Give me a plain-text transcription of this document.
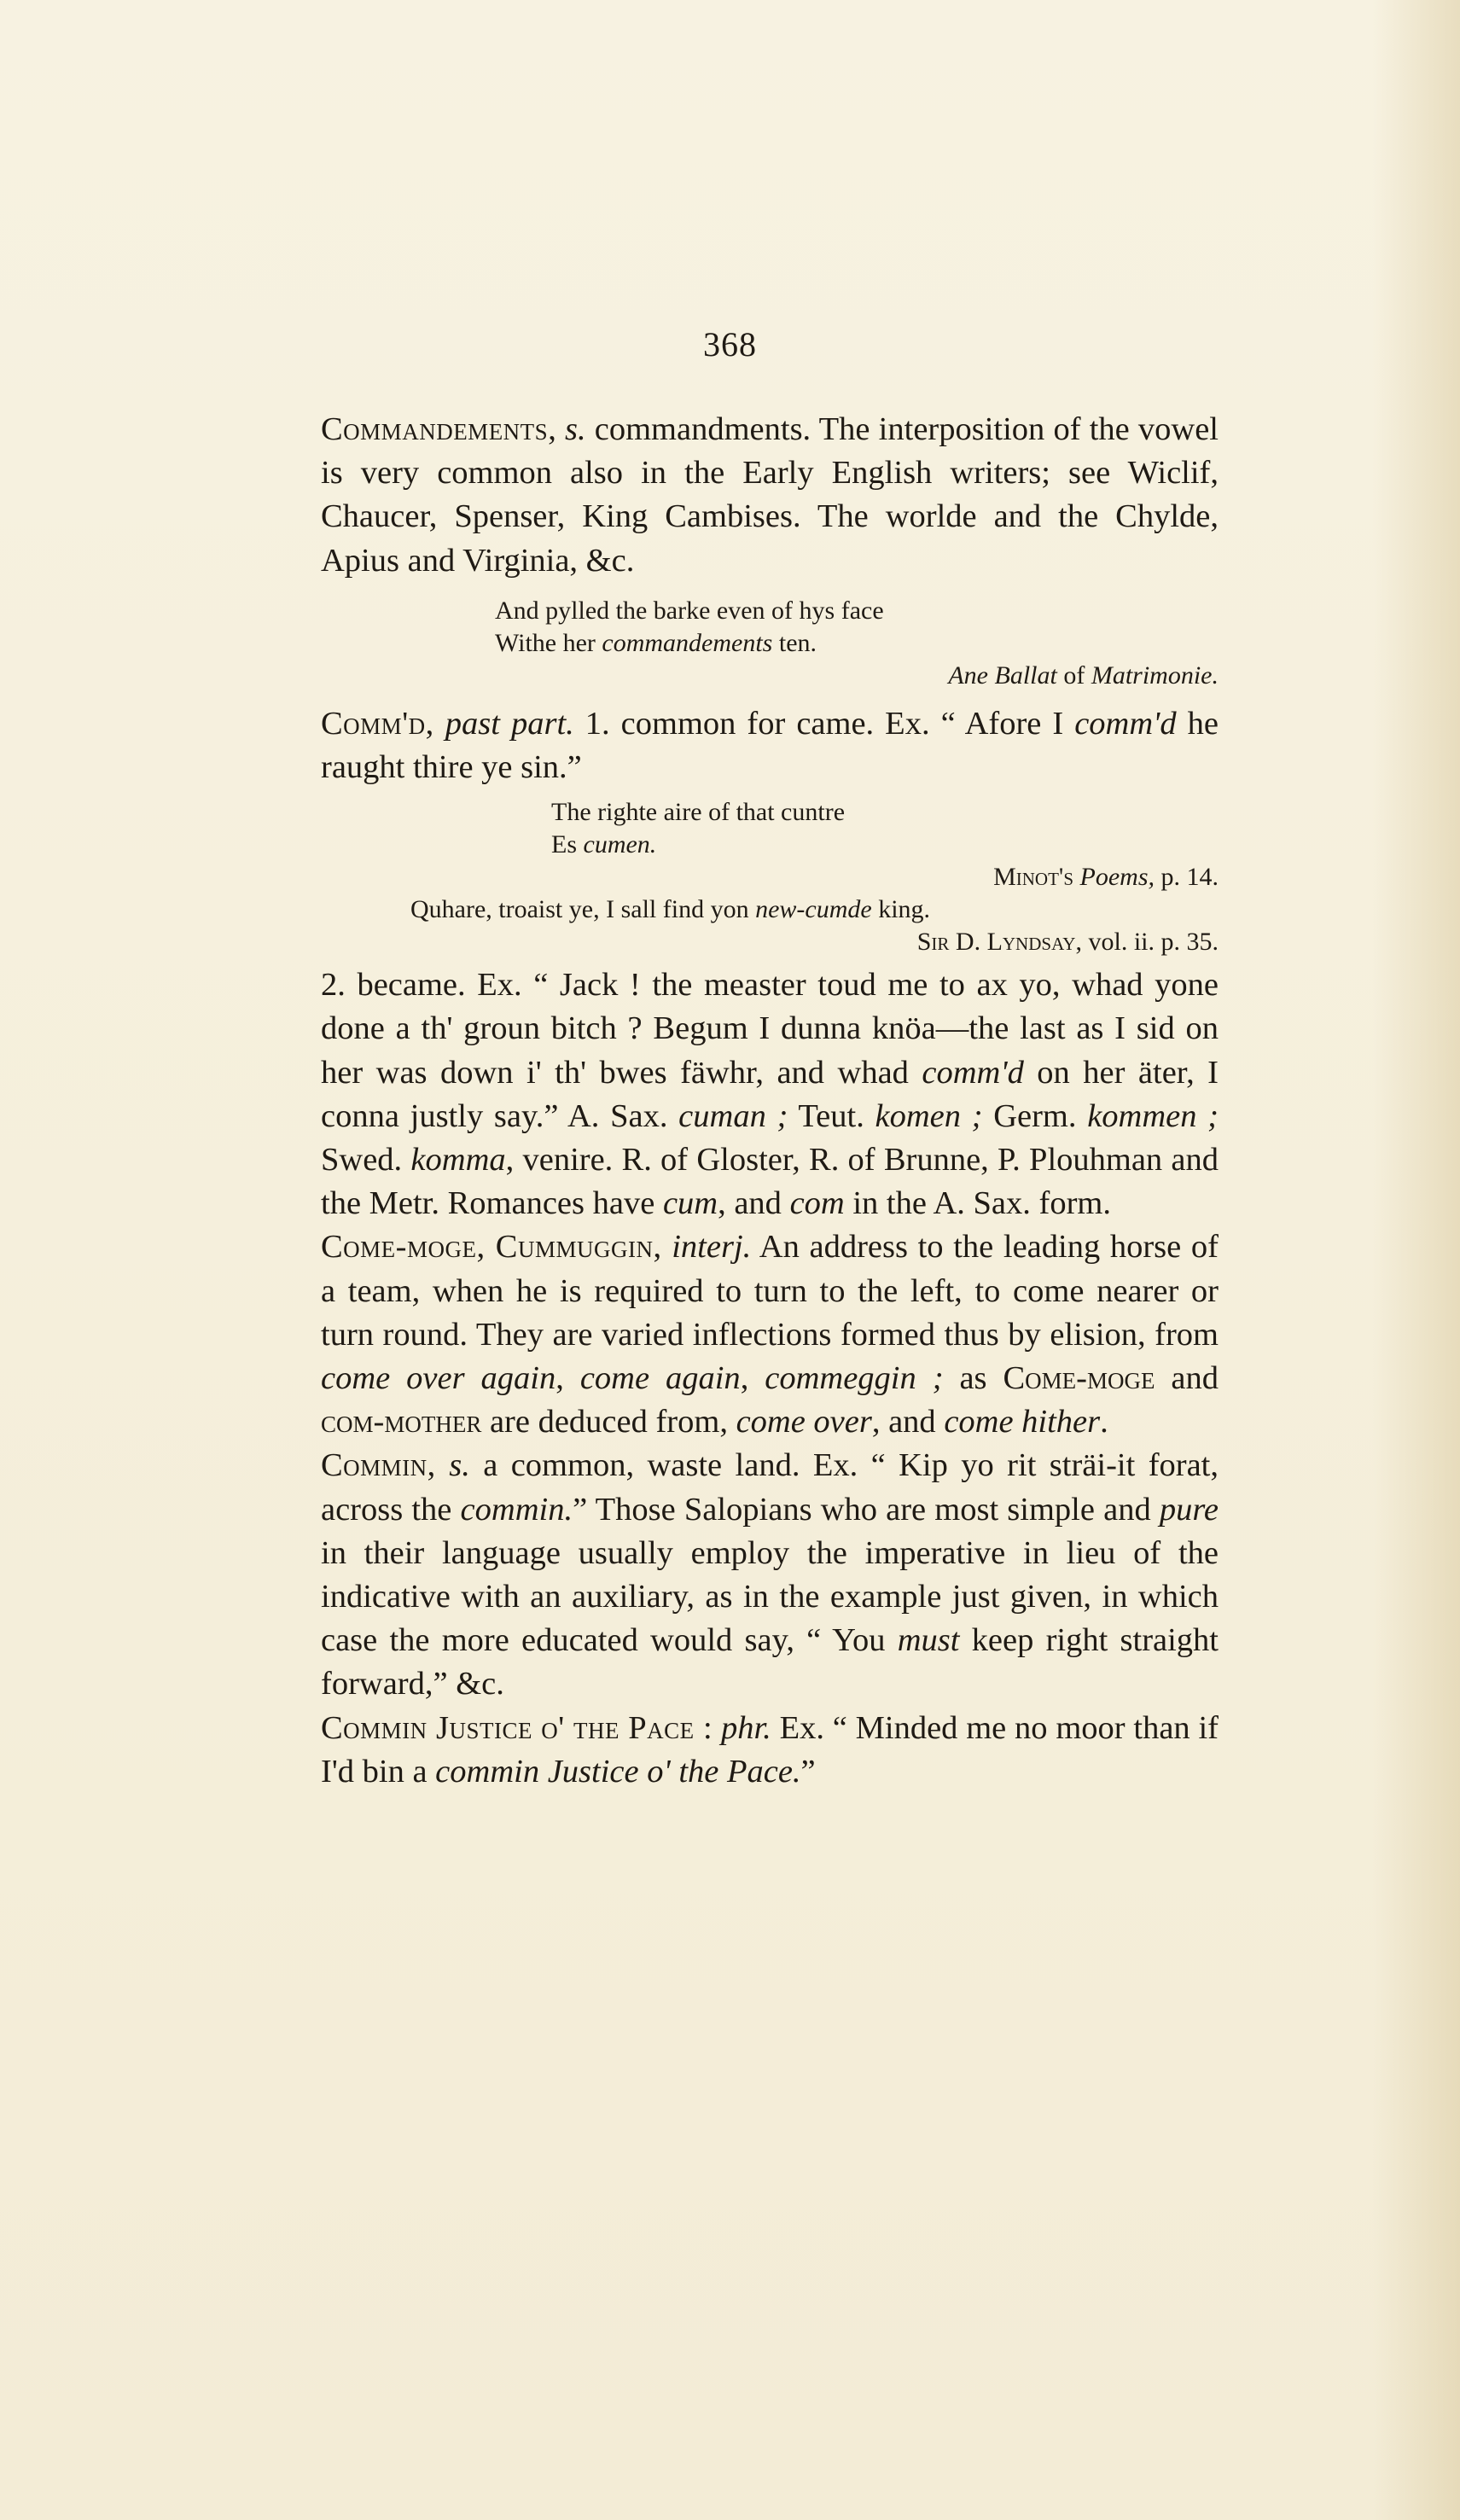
368

Commandements, s. commandments. The interposition of the vowel is very common also in the Early English writers; see Wiclif, Chaucer, Spenser, King Cambises. The worlde and the Chylde, Apius and Virginia, &c.

And pylled the barke even of hys face
Withe her commandements ten.
Ane Ballat of Matrimonie.

Comm'd, past part. 1. common for came. Ex. “ Afore I comm'd he raught thire ye sin.”

The righte aire of that cuntre
Es cumen.
Minot's Poems, p. 14.
Quhare, troaist ye, I sall find yon new-cumde king.
Sir D. Lyndsay, vol. ii. p. 35.

2. became. Ex. “ Jack ! the measter toud me to ax yo, whad yone done a th' groun bitch ? Begum I dunna knöa—the last as I sid on her was down i' th' bwes fäwhr, and whad comm'd on her äter, I conna justly say.” A. Sax. cuman ; Teut. komen ; Germ. kommen ; Swed. komma, venire. R. of Gloster, R. of Brunne, P. Plouhman and the Metr. Romances have cum, and com in the A. Sax. form.

Come-moge, Cummuggin, interj. An address to the leading horse of a team, when he is required to turn to the left, to come nearer or turn round. They are varied inflections formed thus by elision, from come over again, come again, commeggin ; as Come-moge and com-mother are deduced from, come over, and come hither.

Commin, s. a common, waste land. Ex. “ Kip yo rit sträi-it forat, across the commin.” Those Salopians who are most simple and pure in their language usually employ the imperative in lieu of the indicative with an auxiliary, as in the example just given, in which case the more educated would say, “ You must keep right straight forward,” &c.

Commin Justice o' the Pace : phr. Ex. “ Minded me no moor than if I'd bin a commin Justice o' the Pace.”
